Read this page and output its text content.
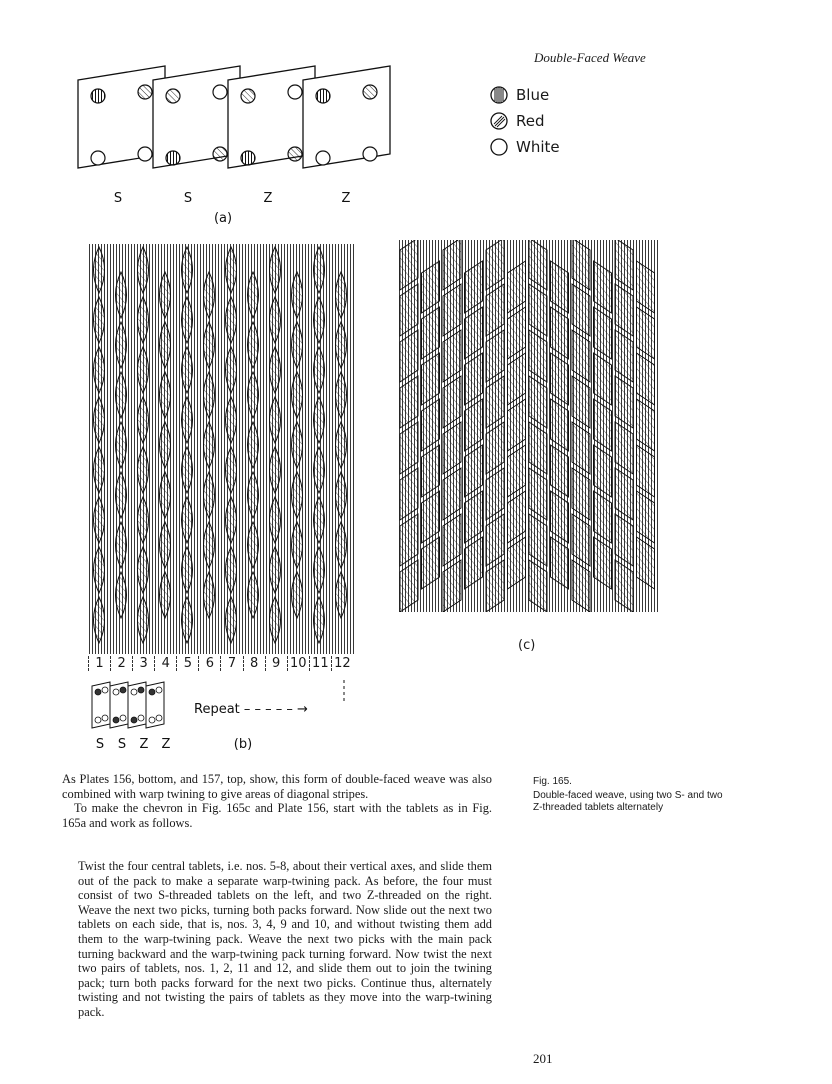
Double-Faced Weave
Blue
Red
White
S	S	Z	Z
(a)
1	2	3	4	5	6	7	8	9 10 11 12
Repeat – – – – – →
S S Z Z	(b)
(c)
Fig. 165.
Double-faced weave, using two S- and two Z-threaded tablets alternately

As Plates 156, bottom, and 157, top, show, this form of double-faced weave was also combined with warp twining to give areas of diagonal stripes.

To make the chevron in Fig. 165c and Plate 156, start with the tablets as in Fig. 165a and work as follows.

Twist the four central tablets, i.e. nos. 5-8, about their vertical axes, and slide them out of the pack to make a separate warp-twining pack. As before, the four must consist of two S-threaded tablets on the left, and two Z-threaded on the right. Weave the next two picks, turning both packs forward. Now slide out the next two tablets on each side, that is, nos. 3, 4, 9 and 10, and without twisting them add them to the warp-twining pack. Weave the next two picks with the main pack turning backward and the warp-twining pack turning forward. Now twist the next two pairs of tablets, nos. 1, 2, 11 and 12, and slide them out to join the twining pack; turn both packs forward for the next two picks. Continue thus, alternately twisting and not twisting the pairs of tablets as they move into the warp-twining pack.

201
